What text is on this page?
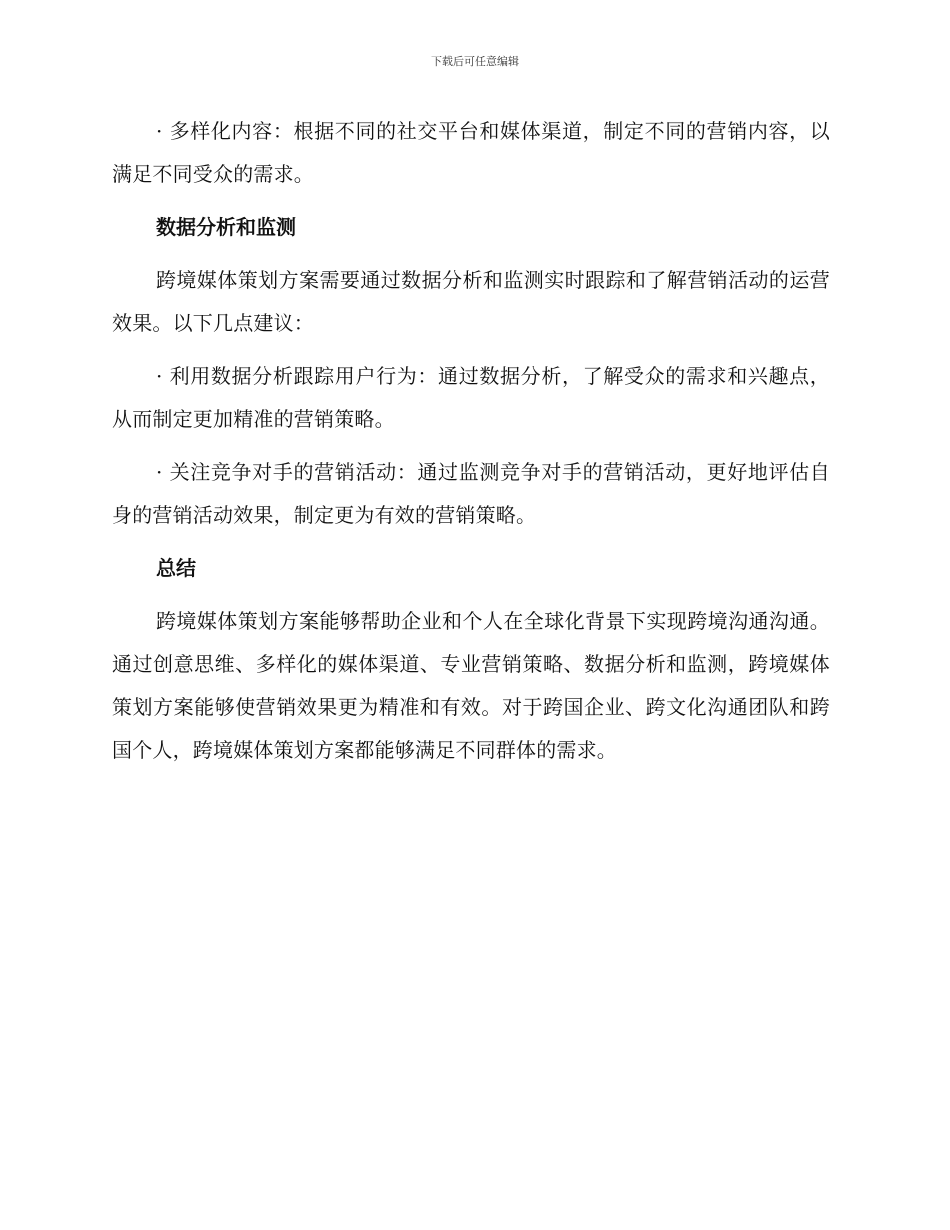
下载后可任意编辑

· 多样化内容：根据不同的社交平台和媒体渠道，制定不同的营销内容，以满足不同受众的需求。

数据分析和监测

跨境媒体策划方案需要通过数据分析和监测实时跟踪和了解营销活动的运营效果。以下几点建议：

· 利用数据分析跟踪用户行为：通过数据分析，了解受众的需求和兴趣点，从而制定更加精准的营销策略。

· 关注竞争对手的营销活动：通过监测竞争对手的营销活动，更好地评估自身的营销活动效果，制定更为有效的营销策略。

总结

跨境媒体策划方案能够帮助企业和个人在全球化背景下实现跨境沟通沟通。通过创意思维、多样化的媒体渠道、专业营销策略、数据分析和监测，跨境媒体策划方案能够使营销效果更为精准和有效。对于跨国企业、跨文化沟通团队和跨国个人，跨境媒体策划方案都能够满足不同群体的需求。
